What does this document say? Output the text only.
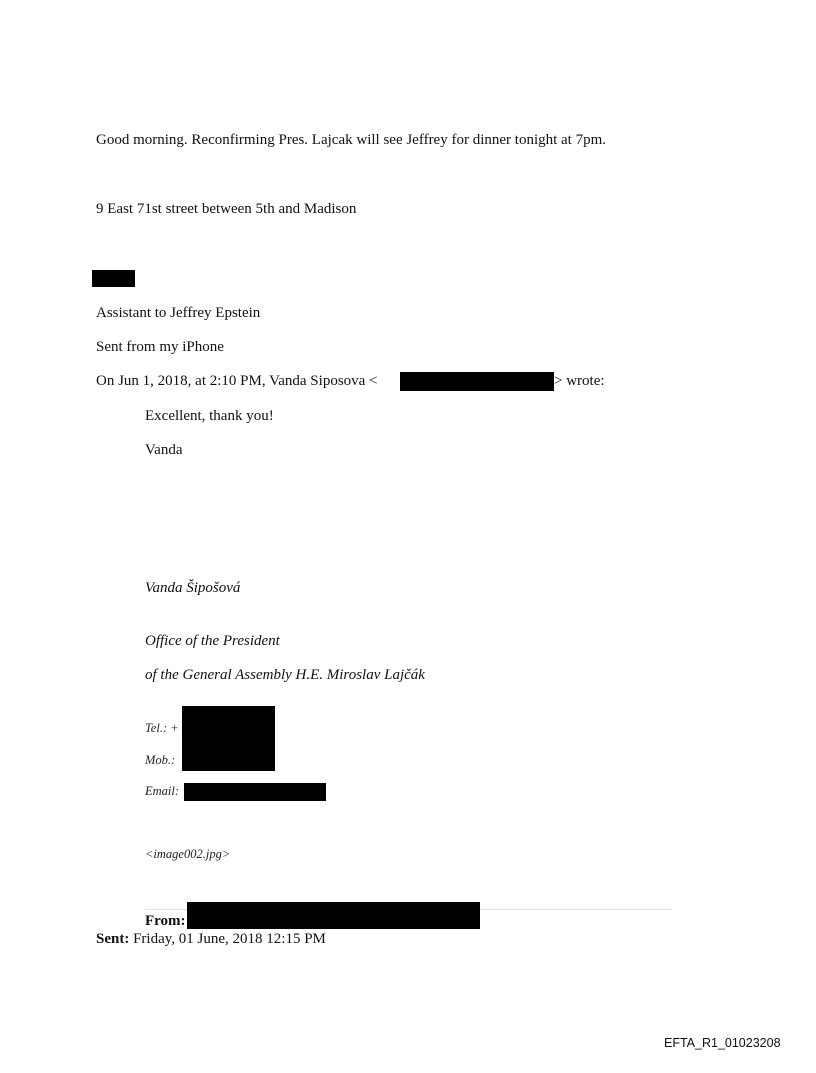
Good morning. Reconfirming Pres. Lajcak will see Jeffrey for dinner tonight at 7pm.
9 East 71st street between 5th and Madison
Assistant to Jeffrey Epstein
Sent from my iPhone
On Jun 1, 2018, at 2:10 PM, Vanda Siposova <	> wrote:
Excellent, thank you!
Vanda
Vanda Šipošová
Office of the President
of the General Assembly H.E. Miroslav Lajčák
Tel.: +
Mob.:
Email:
<image002.jpg>
From:
Sent: Friday, 01 June, 2018 12:15 PM
EFTA_R1_01023208
